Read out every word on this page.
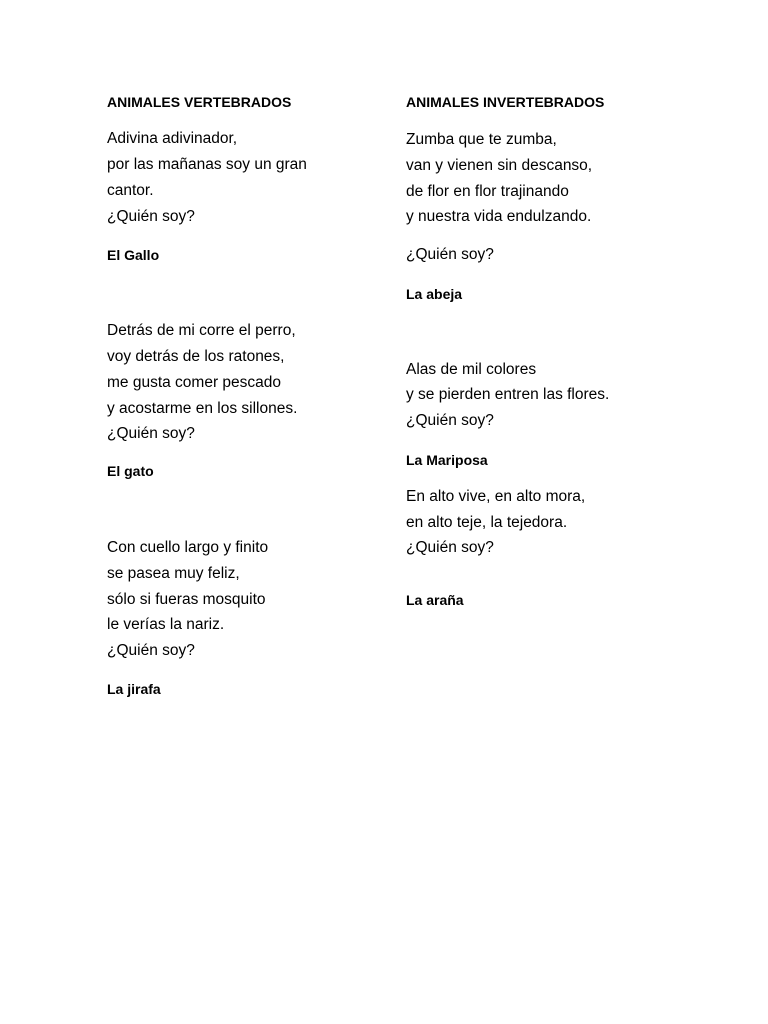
ANIMALES VERTEBRADOS
Adivina adivinador,
por las mañanas soy un gran
cantor.
¿Quién soy?
El Gallo
Detrás de mi corre el perro,
voy detrás de los ratones,
me gusta comer pescado
y acostarme en los sillones.
¿Quién soy?
El gato
Con cuello largo y finito
se pasea muy feliz,
sólo si fueras mosquito
le verías la nariz.
¿Quién soy?
La jirafa
ANIMALES INVERTEBRADOS
Zumba que te zumba,
van y vienen sin descanso,
de flor en flor trajinando
y nuestra vida endulzando.
¿Quién soy?
La abeja
Alas de mil colores
y se pierden entren las flores.
¿Quién soy?
La Mariposa
En alto vive, en alto mora,
en alto teje, la tejedora.
¿Quién soy?
La araña
